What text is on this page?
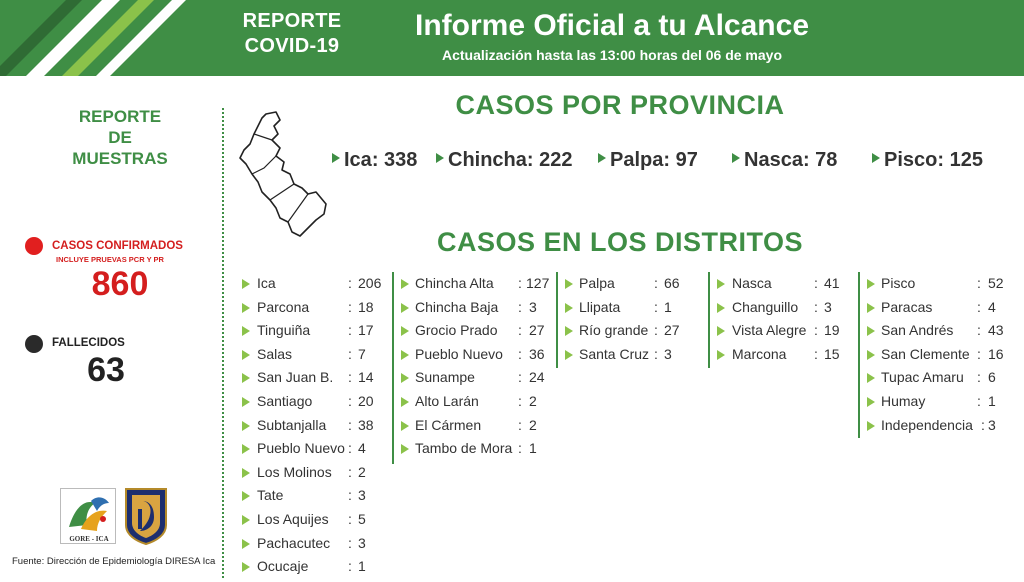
REPORTE
COVID-19
Informe Oficial a tu Alcance
Actualización hasta las 13:00 horas del 06 de mayo
REPORTE
DE
MUESTRAS
CASOS CONFIRMADOS
INCLUYE PRUEVAS PCR Y PR
860
FALLECIDOS
63
GORE - ICA
Fuente: Dirección de Epidemiología DIRESA Ica
CASOS POR PROVINCIA
Ica: 338	Chincha: 222	Palpa: 97	Nasca: 78	Pisco: 125
CASOS EN LOS DISTRITOS
Ica	: 206
Parcona	: 18
Tinguiña	: 17
Salas	: 7
San Juan B. : 14
Santiago	: 20
Subtanjalla : 38
Pueblo Nuevo : 4
Los Molinos : 2
Tate	: 3
Los Aquijes : 5
Pachacutec : 3
Ocucaje	: 1
Chincha Alta : 127
Chincha Baja : 3
Grocio Prado : 27
Pueblo Nuevo : 36
Sunampe	: 24
Alto Larán	: 2
El Cármen	: 2
Tambo de Mora : 1
Palpa	: 66
Llipata : 1
Río grande : 27
Santa Cruz : 3
Nasca	: 41
Changuillo : 3
Vista Alegre : 19
Marcona : 15
Pisco	: 52
Paracas	: 4
San Andrés : 43
San Clemente : 16
Tupac Amaru : 6
Humay	: 1
Independencia : 3
